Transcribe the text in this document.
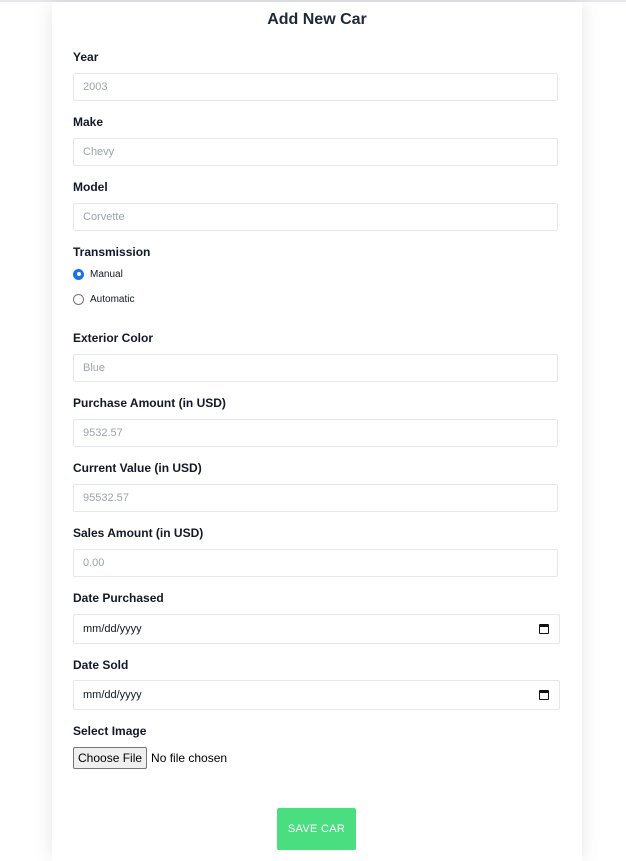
Add New Car
Year
2003
Make
Chevy
Model
Corvette
Transmission
Manual
Automatic
Exterior Color
Blue
Purchase Amount (in USD)
9532.57
Current Value (in USD)
95532.57
Sales Amount (in USD)
0.00
Date Purchased
mm/dd/yyyy
Date Sold
mm/dd/yyyy
Select Image
Choose File No file chosen
SAVE CAR
